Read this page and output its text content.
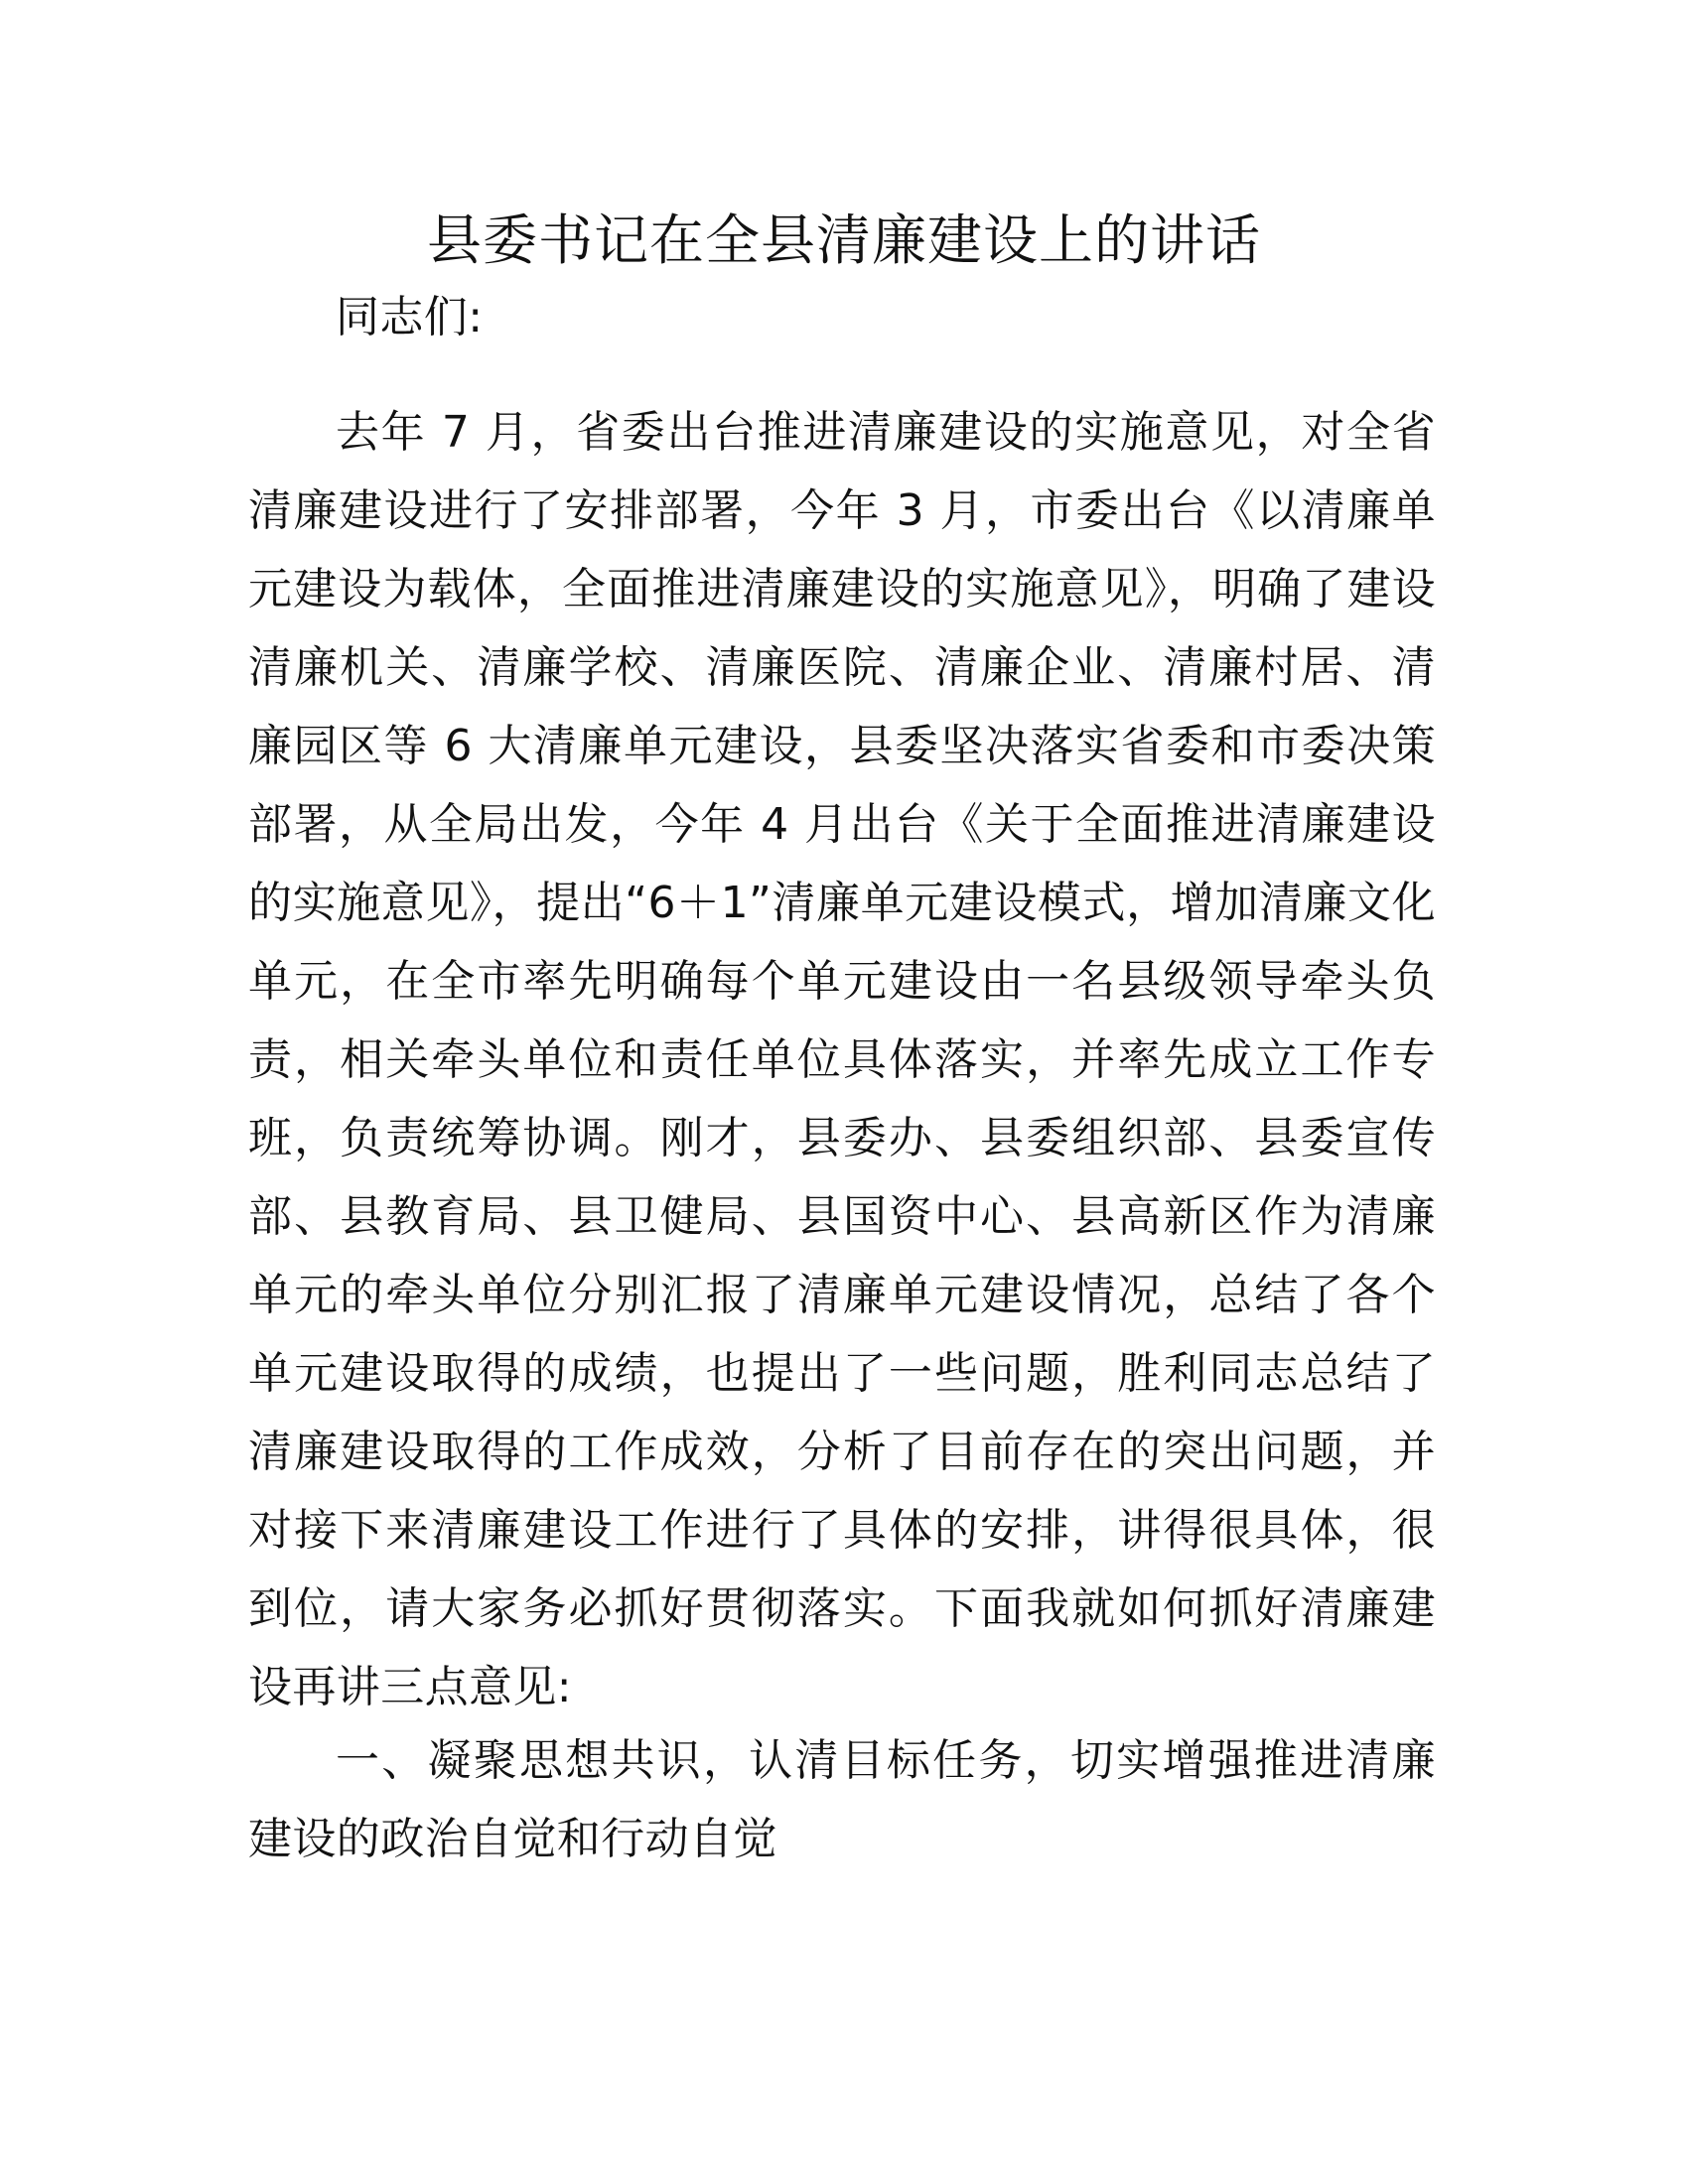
县委书记在全县清廉建设上的讲话

同志们:

去年 7 月，省委出台推进清廉建设的实施意见，对全省清廉建设进行了安排部署，今年 3 月，市委出台《以清廉单元建设为载体，全面推进清廉建设的实施意见》，明确了建设清廉机关、清廉学校、清廉医院、清廉企业、清廉村居、清廉园区等 6 大清廉单元建设，县委坚决落实省委和市委决策部署，从全局出发，今年 4 月出台《关于全面推进清廉建设的实施意见》，提出“6＋1”清廉单元建设模式，增加清廉文化单元，在全市率先明确每个单元建设由一名县级领导牵头负责，相关牵头单位和责任单位具体落实，并率先成立工作专班，负责统筹协调。刚才，县委办、县委组织部、县委宣传部、县教育局、县卫健局、县国资中心、县高新区作为清廉单元的牵头单位分别汇报了清廉单元建设情况，总结了各个单元建设取得的成绩，也提出了一些问题，胜利同志总结了清廉建设取得的工作成效，分析了目前存在的突出问题，并对接下来清廉建设工作进行了具体的安排，讲得很具体，很到位，请大家务必抓好贯彻落实。下面我就如何抓好清廉建设再讲三点意见:

一、凝聚思想共识，认清目标任务，切实增强推进清廉建设的政治自觉和行动自觉
